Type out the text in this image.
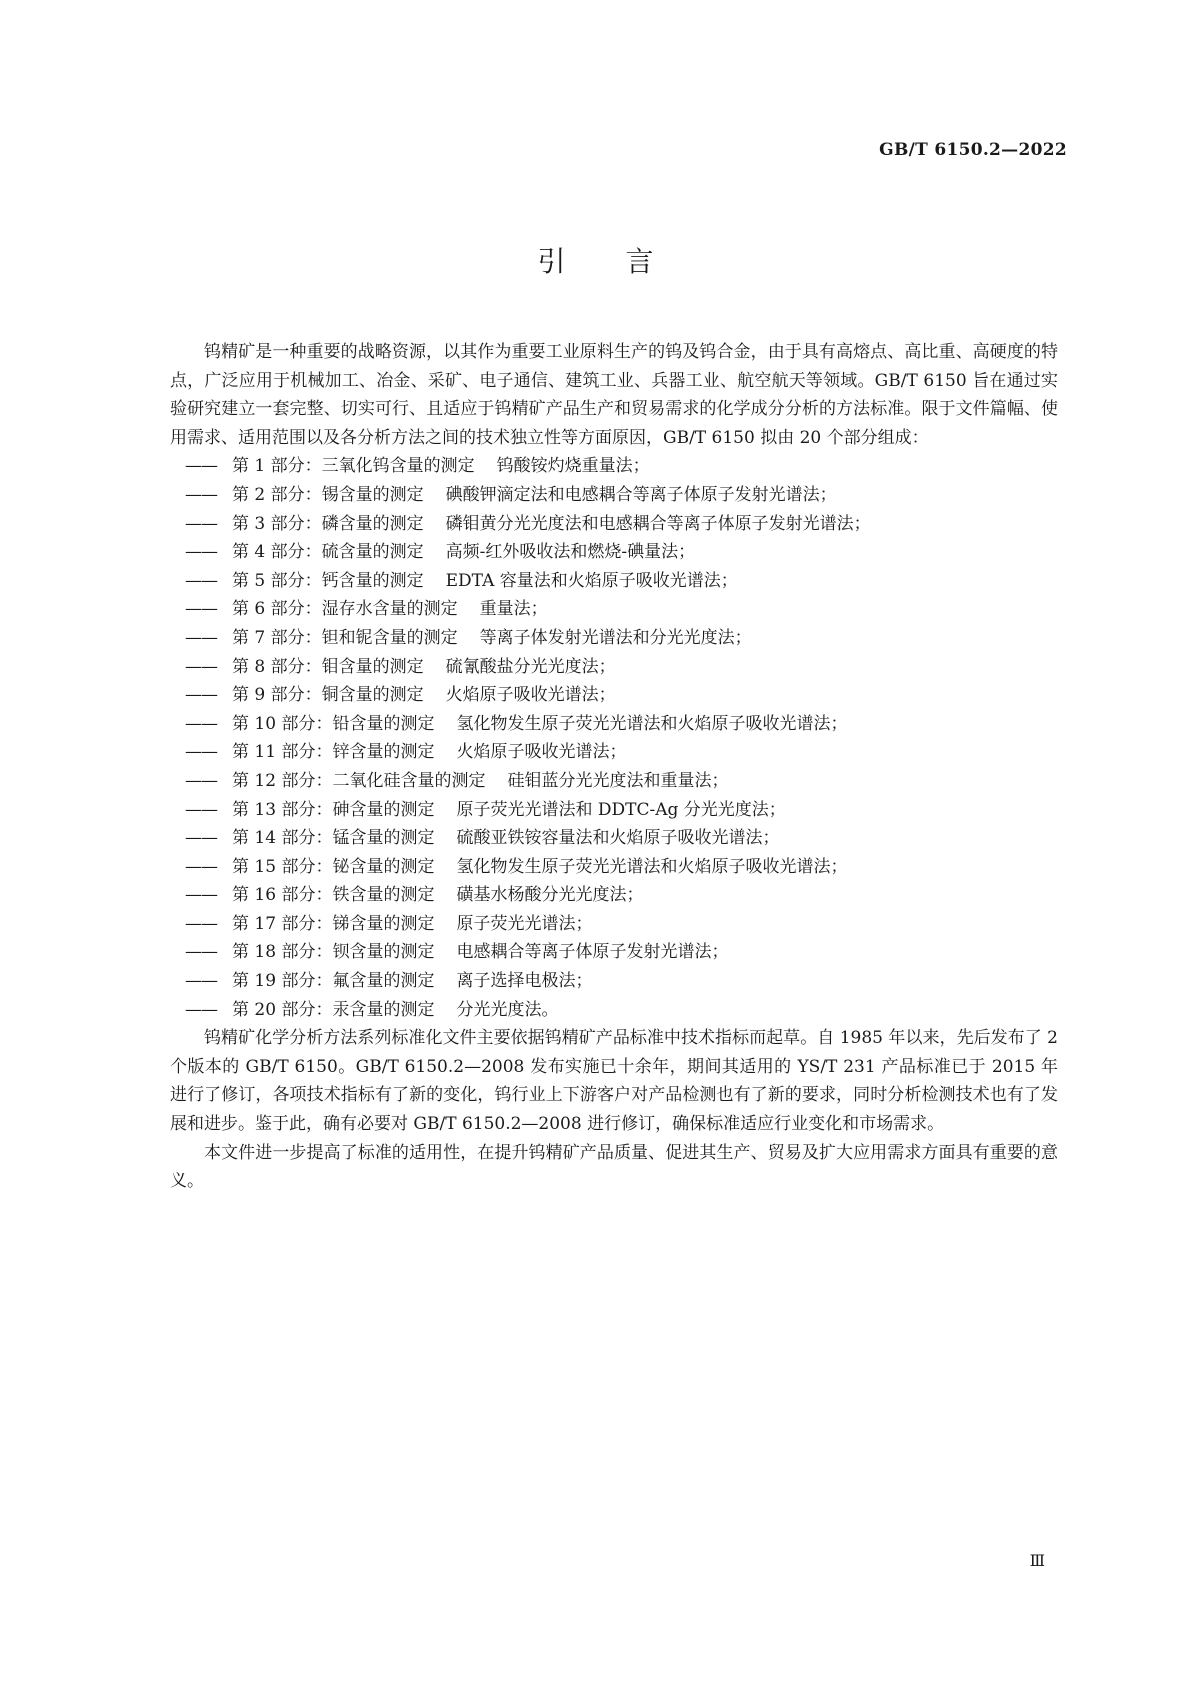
GB/T 6150.2—2022
引言

钨精矿是一种重要的战略资源，以其作为重要工业原料生产的钨及钨合金，由于具有高熔点、高比重、高硬度的特点，广泛应用于机械加工、冶金、采矿、电子通信、建筑工业、兵器工业、航空航天等领域。GB/T 6150 旨在通过实验研究建立一套完整、切实可行、且适应于钨精矿产品生产和贸易需求的化学成分分析的方法标准。限于文件篇幅、使用需求、适用范围以及各分析方法之间的技术独立性等方面原因，GB/T 6150 拟由 20 个部分组成：

—— 第 1 部分：三氧化钨含量的测定 钨酸铵灼烧重量法；
—— 第 2 部分：锡含量的测定 碘酸钾滴定法和电感耦合等离子体原子发射光谱法；
—— 第 3 部分：磷含量的测定 磷钼黄分光光度法和电感耦合等离子体原子发射光谱法；
—— 第 4 部分：硫含量的测定 高频-红外吸收法和燃烧-碘量法；
—— 第 5 部分：钙含量的测定 EDTA 容量法和火焰原子吸收光谱法；
—— 第 6 部分：湿存水含量的测定 重量法；
—— 第 7 部分：钽和铌含量的测定 等离子体发射光谱法和分光光度法；
—— 第 8 部分：钼含量的测定 硫氰酸盐分光光度法；
—— 第 9 部分：铜含量的测定 火焰原子吸收光谱法；
—— 第 10 部分：铅含量的测定 氢化物发生原子荧光光谱法和火焰原子吸收光谱法；
—— 第 11 部分：锌含量的测定 火焰原子吸收光谱法；
—— 第 12 部分：二氧化硅含量的测定 硅钼蓝分光光度法和重量法；
—— 第 13 部分：砷含量的测定 原子荧光光谱法和 DDTC-Ag 分光光度法；
—— 第 14 部分：锰含量的测定 硫酸亚铁铵容量法和火焰原子吸收光谱法；
—— 第 15 部分：铋含量的测定 氢化物发生原子荧光光谱法和火焰原子吸收光谱法；
—— 第 16 部分：铁含量的测定 磺基水杨酸分光光度法；
—— 第 17 部分：锑含量的测定 原子荧光光谱法；
—— 第 18 部分：钡含量的测定 电感耦合等离子体原子发射光谱法；
—— 第 19 部分：氟含量的测定 离子选择电极法；
—— 第 20 部分：汞含量的测定 分光光度法。

钨精矿化学分析方法系列标准化文件主要依据钨精矿产品标准中技术指标而起草。自 1985 年以来，先后发布了 2 个版本的 GB/T 6150。GB/T 6150.2—2008 发布实施已十余年，期间其适用的 YS/T 231 产品标准已于 2015 年进行了修订，各项技术指标有了新的变化，钨行业上下游客户对产品检测也有了新的要求，同时分析检测技术也有了发展和进步。鉴于此，确有必要对 GB/T 6150.2—2008 进行修订，确保标准适应行业变化和市场需求。

本文件进一步提高了标准的适用性，在提升钨精矿产品质量、促进其生产、贸易及扩大应用需求方面具有重要的意义。

Ⅲ
